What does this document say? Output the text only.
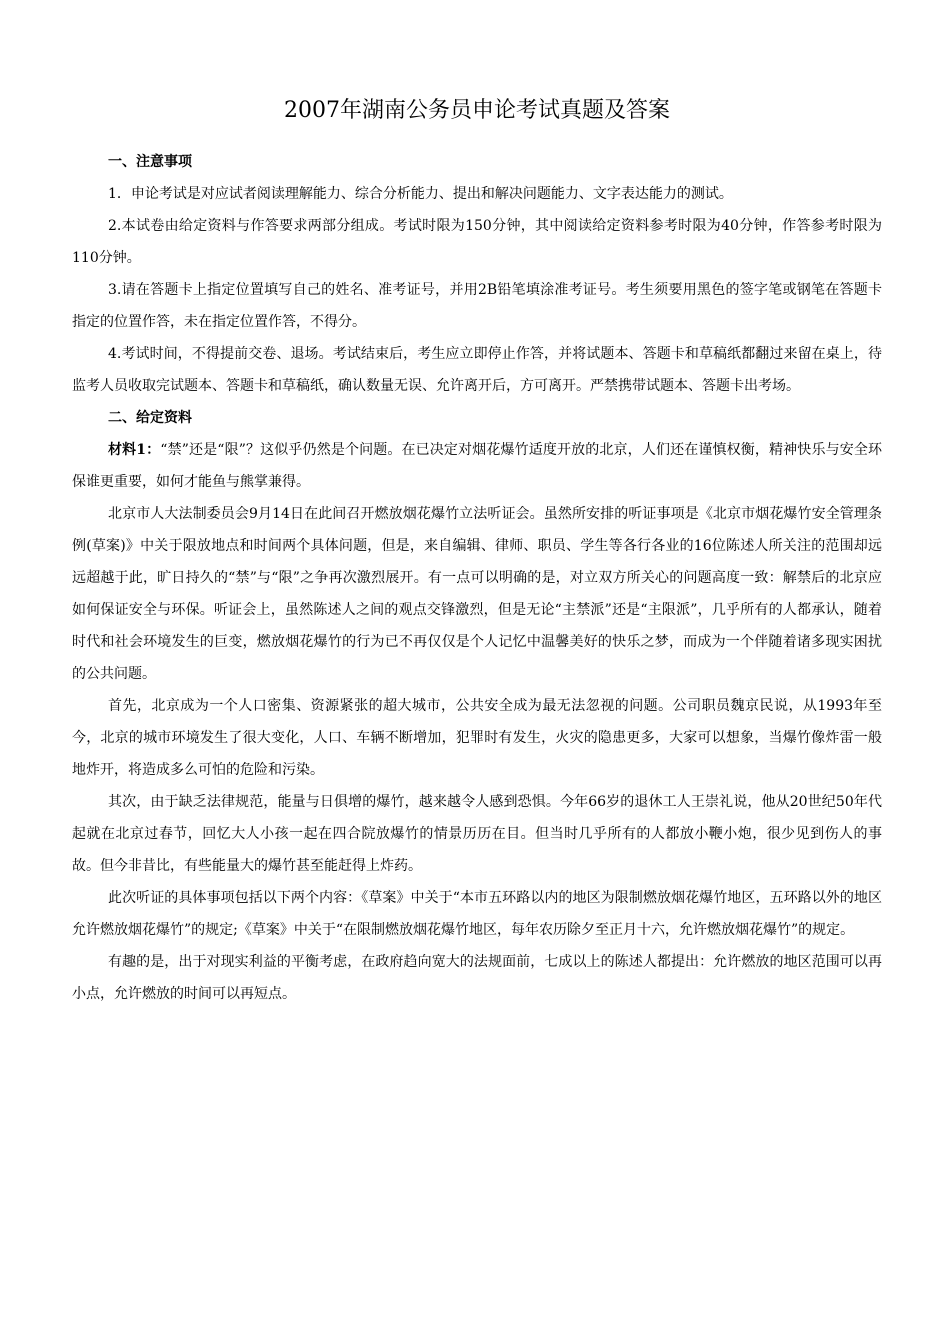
2007年湖南公务员申论考试真题及答案

一、注意事项

1．申论考试是对应试者阅读理解能力、综合分析能力、提出和解决问题能力、文字表达能力的测试。

2.本试卷由给定资料与作答要求两部分组成。考试时限为150分钟，其中阅读给定资料参考时限为40分钟，作答参考时限为110分钟。

3.请在答题卡上指定位置填写自己的姓名、准考证号，并用2B铅笔填涂准考证号。考生须要用黑色的签字笔或钢笔在答题卡指定的位置作答，未在指定位置作答，不得分。

4.考试时间，不得提前交卷、退场。考试结束后，考生应立即停止作答，并将试题本、答题卡和草稿纸都翻过来留在桌上，待监考人员收取完试题本、答题卡和草稿纸，确认数量无误、允许离开后，方可离开。严禁携带试题本、答题卡出考场。

二、给定资料

材料1：“禁”还是“限”？这似乎仍然是个问题。在已决定对烟花爆竹适度开放的北京，人们还在谨慎权衡，精神快乐与安全环保谁更重要，如何才能鱼与熊掌兼得。

北京市人大法制委员会9月14日在此间召开燃放烟花爆竹立法听证会。虽然所安排的听证事项是《北京市烟花爆竹安全管理条例(草案)》中关于限放地点和时间两个具体问题，但是，来自编辑、律师、职员、学生等各行各业的16位陈述人所关注的范围却远远超越于此，旷日持久的“禁”与“限”之争再次激烈展开。有一点可以明确的是，对立双方所关心的问题高度一致：解禁后的北京应如何保证安全与环保。听证会上，虽然陈述人之间的观点交锋激烈，但是无论“主禁派”还是“主限派”，几乎所有的人都承认，随着时代和社会环境发生的巨变，燃放烟花爆竹的行为已不再仅仅是个人记忆中温馨美好的快乐之梦，而成为一个伴随着诸多现实困扰的公共问题。

首先，北京成为一个人口密集、资源紧张的超大城市，公共安全成为最无法忽视的问题。公司职员魏京民说，从1993年至今，北京的城市环境发生了很大变化，人口、车辆不断增加，犯罪时有发生，火灾的隐患更多，大家可以想象，当爆竹像炸雷一般地炸开，将造成多么可怕的危险和污染。

其次，由于缺乏法律规范，能量与日俱增的爆竹，越来越令人感到恐惧。今年66岁的退休工人王崇礼说，他从20世纪50年代起就在北京过春节，回忆大人小孩一起在四合院放爆竹的情景历历在目。但当时几乎所有的人都放小鞭小炮，很少见到伤人的事故。但今非昔比，有些能量大的爆竹甚至能赶得上炸药。

此次听证的具体事项包括以下两个内容：《草案》中关于“本市五环路以内的地区为限制燃放烟花爆竹地区，五环路以外的地区允许燃放烟花爆竹”的规定;《草案》中关于“在限制燃放烟花爆竹地区，每年农历除夕至正月十六，允许燃放烟花爆竹”的规定。

有趣的是，出于对现实利益的平衡考虑，在政府趋向宽大的法规面前，七成以上的陈述人都提出：允许燃放的地区范围可以再小点，允许燃放的时间可以再短点。
